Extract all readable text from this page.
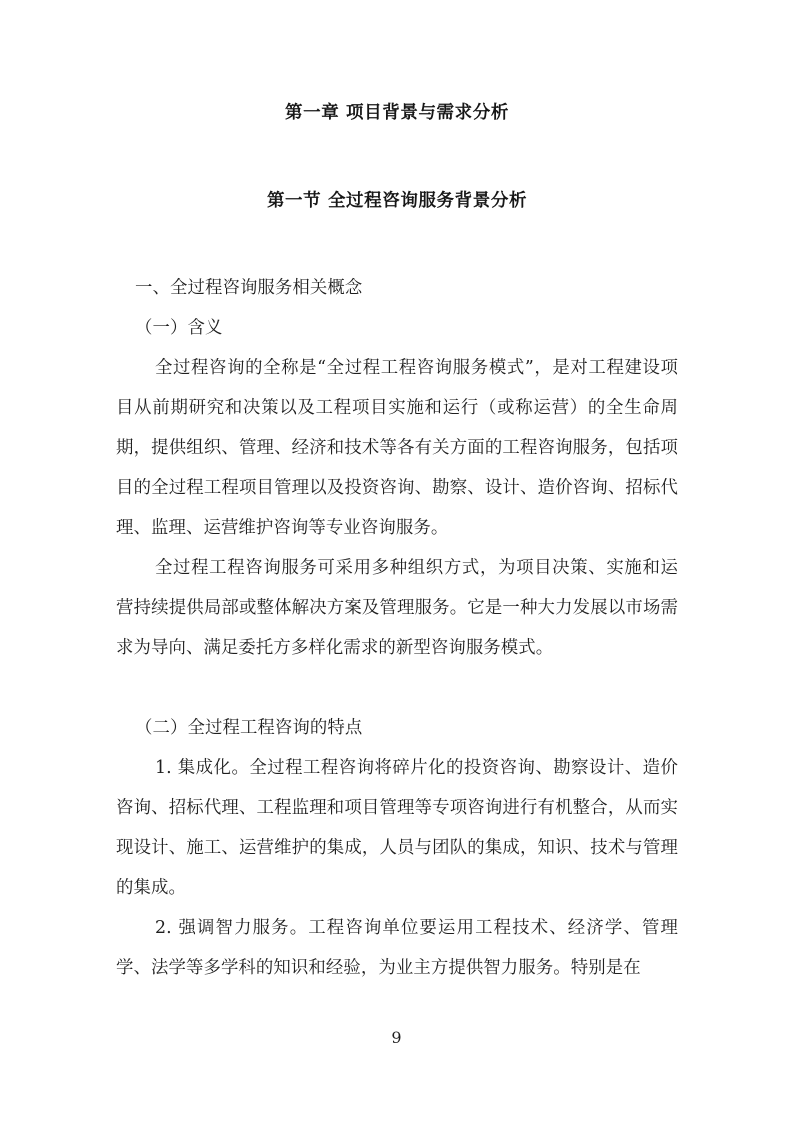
第一章 项目背景与需求分析
第一节 全过程咨询服务背景分析

一、全过程咨询服务相关概念

（一）含义

全过程咨询的全称是“全过程工程咨询服务模式”，是对工程建设项目从前期研究和决策以及工程项目实施和运行（或称运营）的全生命周期，提供组织、管理、经济和技术等各有关方面的工程咨询服务，包括项目的全过程工程项目管理以及投资咨询、勘察、设计、造价咨询、招标代理、监理、运营维护咨询等专业咨询服务。

全过程工程咨询服务可采用多种组织方式，为项目决策、实施和运营持续提供局部或整体解决方案及管理服务。它是一种大力发展以市场需求为导向、满足委托方多样化需求的新型咨询服务模式。

（二）全过程工程咨询的特点

1. 集成化。全过程工程咨询将碎片化的投资咨询、勘察设计、造价咨询、招标代理、工程监理和项目管理等专项咨询进行有机整合，从而实现设计、施工、运营维护的集成，人员与团队的集成，知识、技术与管理的集成。

2. 强调智力服务。工程咨询单位要运用工程技术、经济学、管理学、法学等多学科的知识和经验，为业主方提供智力服务。特别是在

9
